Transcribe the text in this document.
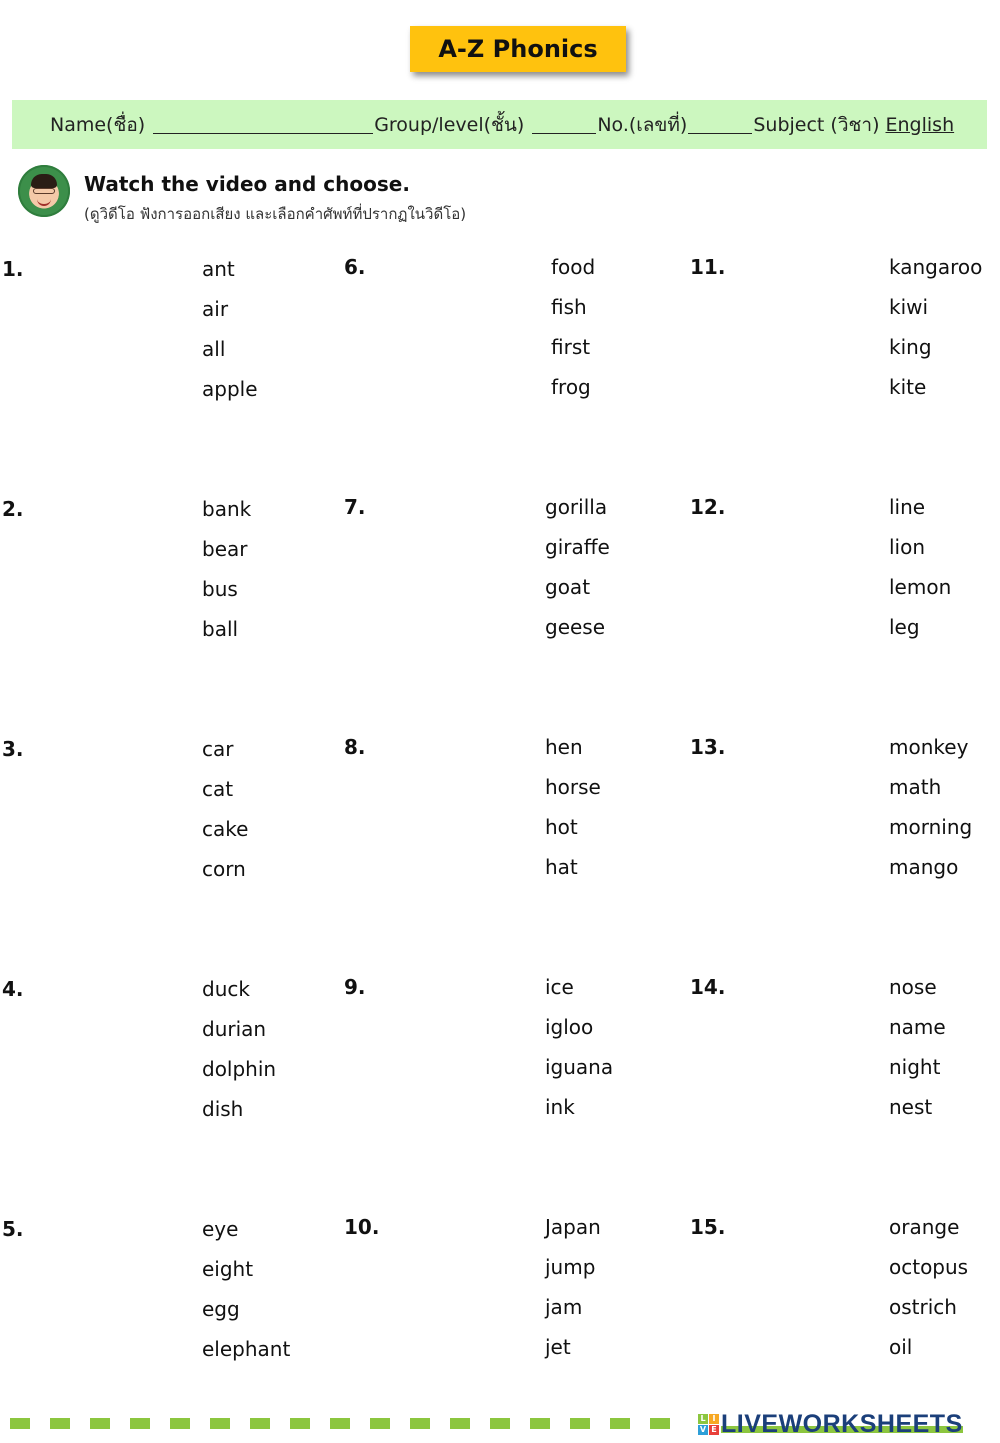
A-Z Phonics
Name(ชื่อ)	Group/level(ชั้น)	No.(เลขที่)	Subject (วิชา) English
Watch the video and choose.
(ดูวิดีโอ ฟังการออกเสียง และเลือกคำศัพท์ที่ปรากฏในวิดีโอ)
1.	ant
air
all
apple
2.	bank
bear
bus
ball
3.	car
cat
cake
corn
4.	duck
durian
dolphin
dish
5.	eye
eight
egg
elephant
6.	food
fish
first
frog
7.	gorilla
giraffe
goat
geese
8.	hen
horse
hot
hat
9.	ice
igloo
iguana
ink
10.	Japan
jump
jam
jet
11.	kangaroo
kiwi
king
kite
12.	line
lion
lemon
leg
13.	monkey
math
morning
mango
14.	nose
name
night
nest
15.	orange
octopus
ostrich
oil
L I
V E LIVEWORKSHEETS
